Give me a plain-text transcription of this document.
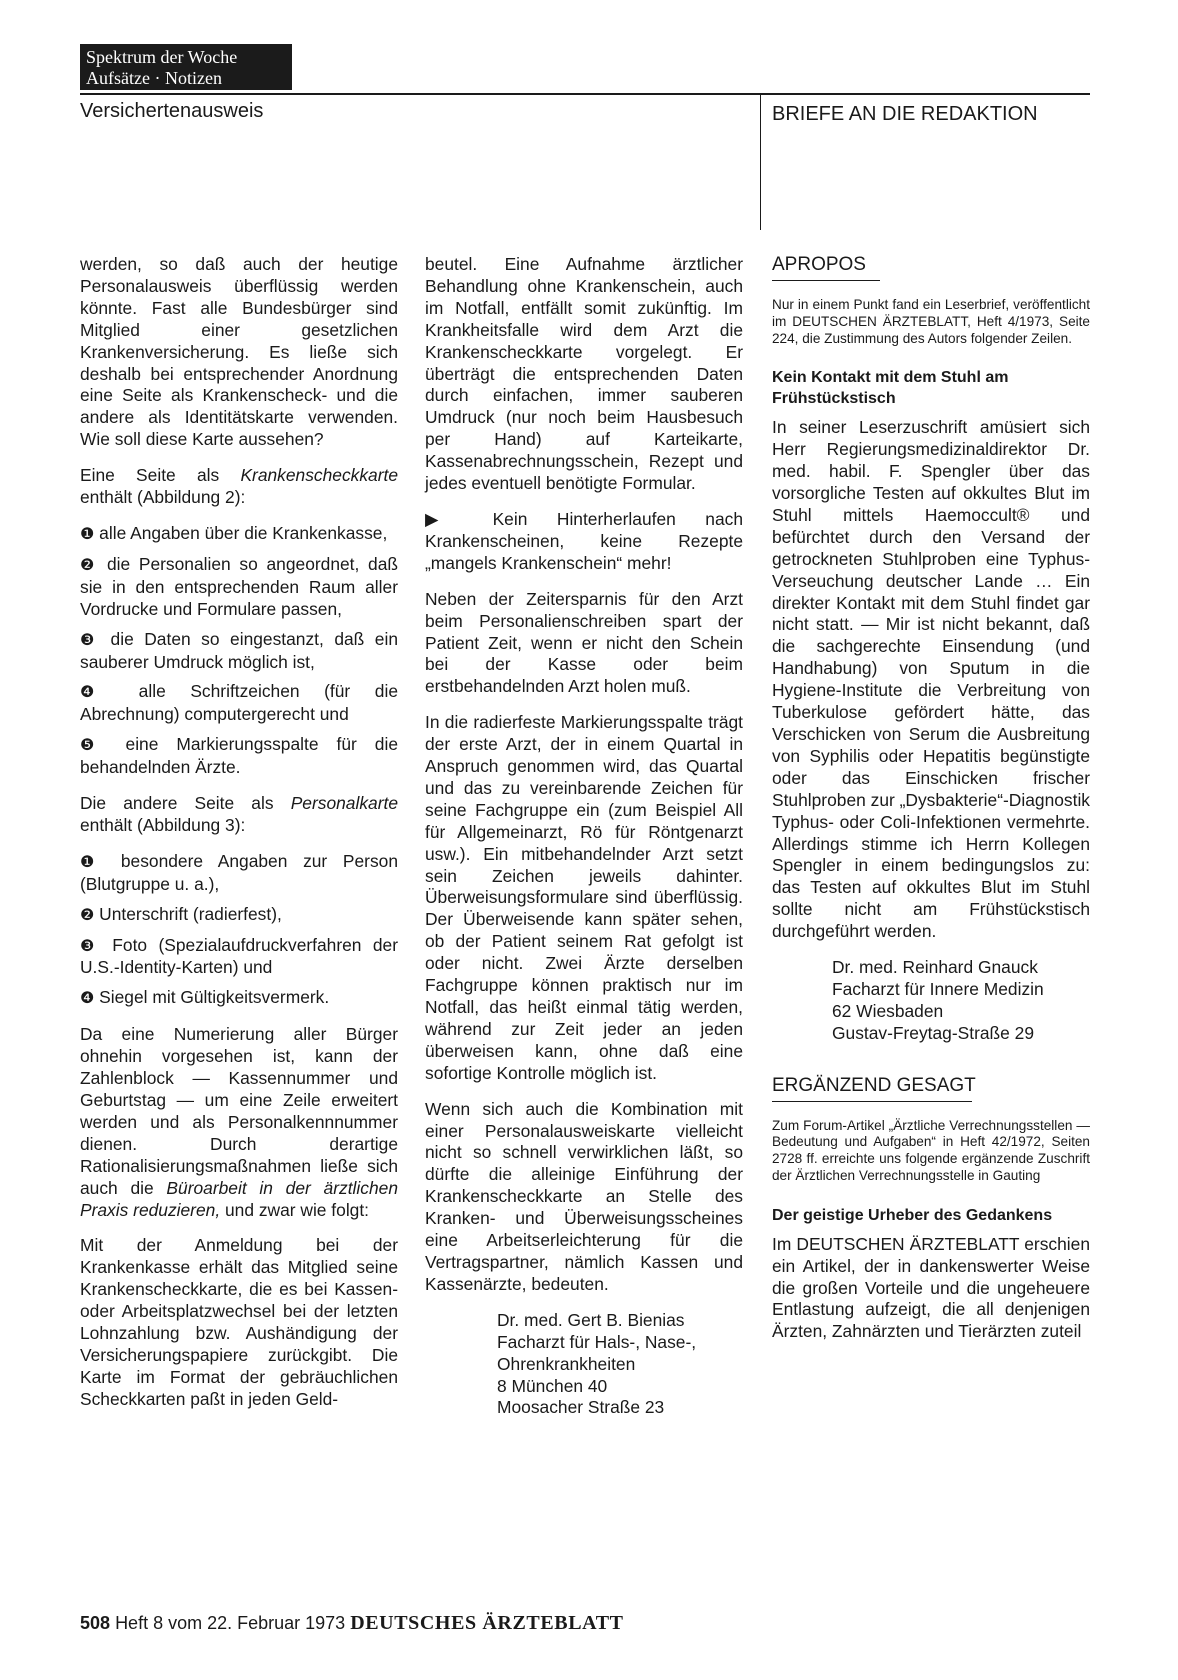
Spektrum der Woche
Aufsätze · Notizen
Versichertenausweis	BRIEFE AN DIE REDAKTION

werden, so daß auch der heutige Personalausweis überflüssig werden könnte. Fast alle Bundesbürger sind Mitglied einer gesetzlichen Krankenversicherung. Es ließe sich deshalb bei entsprechender Anordnung eine Seite als Krankenscheck- und die andere als Identitätskarte verwenden. Wie soll diese Karte aussehen?

Eine Seite als Krankenscheckkarte enthält (Abbildung 2):

❶ alle Angaben über die Krankenkasse,

❷ die Personalien so angeordnet, daß sie in den entsprechenden Raum aller Vordrucke und Formulare passen,

❸ die Daten so eingestanzt, daß ein sauberer Umdruck möglich ist,

❹ alle Schriftzeichen (für die Abrechnung) computergerecht und

❺ eine Markierungsspalte für die behandelnden Ärzte.

Die andere Seite als Personalkarte enthält (Abbildung 3):

❶ besondere Angaben zur Person (Blutgruppe u. a.),

❷ Unterschrift (radierfest),

❸ Foto (Spezialaufdruckverfahren der U.S.-Identity-Karten) und

❹ Siegel mit Gültigkeitsvermerk.

Da eine Numerierung aller Bürger ohnehin vorgesehen ist, kann der Zahlenblock — Kassennummer und Geburtstag — um eine Zeile erweitert werden und als Personalkennnummer dienen. Durch derartige Rationalisierungsmaßnahmen ließe sich auch die Büroarbeit in der ärztlichen Praxis reduzieren, und zwar wie folgt:

Mit der Anmeldung bei der Krankenkasse erhält das Mitglied seine Krankenscheckkarte, die es bei Kassen- oder Arbeitsplatzwechsel bei der letzten Lohnzahlung bzw. Aushändigung der Versicherungspapiere zurückgibt. Die Karte im Format der gebräuchlichen Scheckkarten paßt in jeden Geld-

beutel. Eine Aufnahme ärztlicher Behandlung ohne Krankenschein, auch im Notfall, entfällt somit zukünftig. Im Krankheitsfalle wird dem Arzt die Krankenscheckkarte vorgelegt. Er überträgt die entsprechenden Daten durch einfachen, immer sauberen Umdruck (nur noch beim Hausbesuch per Hand) auf Karteikarte, Kassenabrechnungsschein, Rezept und jedes eventuell benötigte Formular.

▶ Kein Hinterherlaufen nach Krankenscheinen, keine Rezepte „mangels Krankenschein“ mehr!

Neben der Zeitersparnis für den Arzt beim Personalienschreiben spart der Patient Zeit, wenn er nicht den Schein bei der Kasse oder beim erstbehandelnden Arzt holen muß.

In die radierfeste Markierungsspalte trägt der erste Arzt, der in einem Quartal in Anspruch genommen wird, das Quartal und das zu vereinbarende Zeichen für seine Fachgruppe ein (zum Beispiel All für Allgemeinarzt, Rö für Röntgenarzt usw.). Ein mitbehandelnder Arzt setzt sein Zeichen jeweils dahinter. Überweisungsformulare sind überflüssig. Der Überweisende kann später sehen, ob der Patient seinem Rat gefolgt ist oder nicht. Zwei Ärzte derselben Fachgruppe können praktisch nur im Notfall, das heißt einmal tätig werden, während zur Zeit jeder an jeden überweisen kann, ohne daß eine sofortige Kontrolle möglich ist.

Wenn sich auch die Kombination mit einer Personalausweiskarte vielleicht nicht so schnell verwirklichen läßt, so dürfte die alleinige Einführung der Krankenscheckkarte an Stelle des Kranken- und Überweisungsscheines eine Arbeitserleichterung für die Vertragspartner, nämlich Kassen und Kassenärzte, bedeuten.

Dr. med. Gert B. Bienias

Facharzt für Hals-, Nase-,

Ohrenkrankheiten

8 München 40

Moosacher Straße 23

APROPOS

Nur in einem Punkt fand ein Leserbrief, veröffentlicht im DEUTSCHEN ÄRZTEBLATT, Heft 4/1973, Seite 224, die Zustimmung des Autors folgender Zeilen.

Kein Kontakt mit dem Stuhl am Frühstückstisch

In seiner Leserzuschrift amüsiert sich Herr Regierungsmedizinaldirektor Dr. med. habil. F. Spengler über das vorsorgliche Testen auf okkultes Blut im Stuhl mittels Haemoccult® und befürchtet durch den Versand der getrockneten Stuhlproben eine Typhus-Verseuchung deutscher Lande … Ein direkter Kontakt mit dem Stuhl findet gar nicht statt. — Mir ist nicht bekannt, daß die sachgerechte Einsendung (und Handhabung) von Sputum in die Hygiene-Institute die Verbreitung von Tuberkulose gefördert hätte, das Verschicken von Serum die Ausbreitung von Syphilis oder Hepatitis begünstigte oder das Einschicken frischer Stuhlproben zur „Dysbakterie“-Diagnostik Typhus- oder Coli-Infektionen vermehrte. Allerdings stimme ich Herrn Kollegen Spengler in einem bedingungslos zu: das Testen auf okkultes Blut im Stuhl sollte nicht am Frühstückstisch durchgeführt werden.

Dr. med. Reinhard Gnauck

Facharzt für Innere Medizin

62 Wiesbaden

Gustav-Freytag-Straße 29

ERGÄNZEND GESAGT

Zum Forum-Artikel „Ärztliche Verrechnungsstellen — Bedeutung und Aufgaben“ in Heft 42/1972, Seiten 2728 ff. erreichte uns folgende ergänzende Zuschrift der Ärztlichen Verrechnungsstelle in Gauting

Der geistige Urheber des Gedankens

Im DEUTSCHEN ÄRZTEBLATT erschien ein Artikel, der in dankenswerter Weise die großen Vorteile und die ungeheuere Entlastung aufzeigt, die all denjenigen Ärzten, Zahnärzten und Tierärzten zuteil

508 Heft 8 vom 22. Februar 1973 DEUTSCHES ÄRZTEBLATT
